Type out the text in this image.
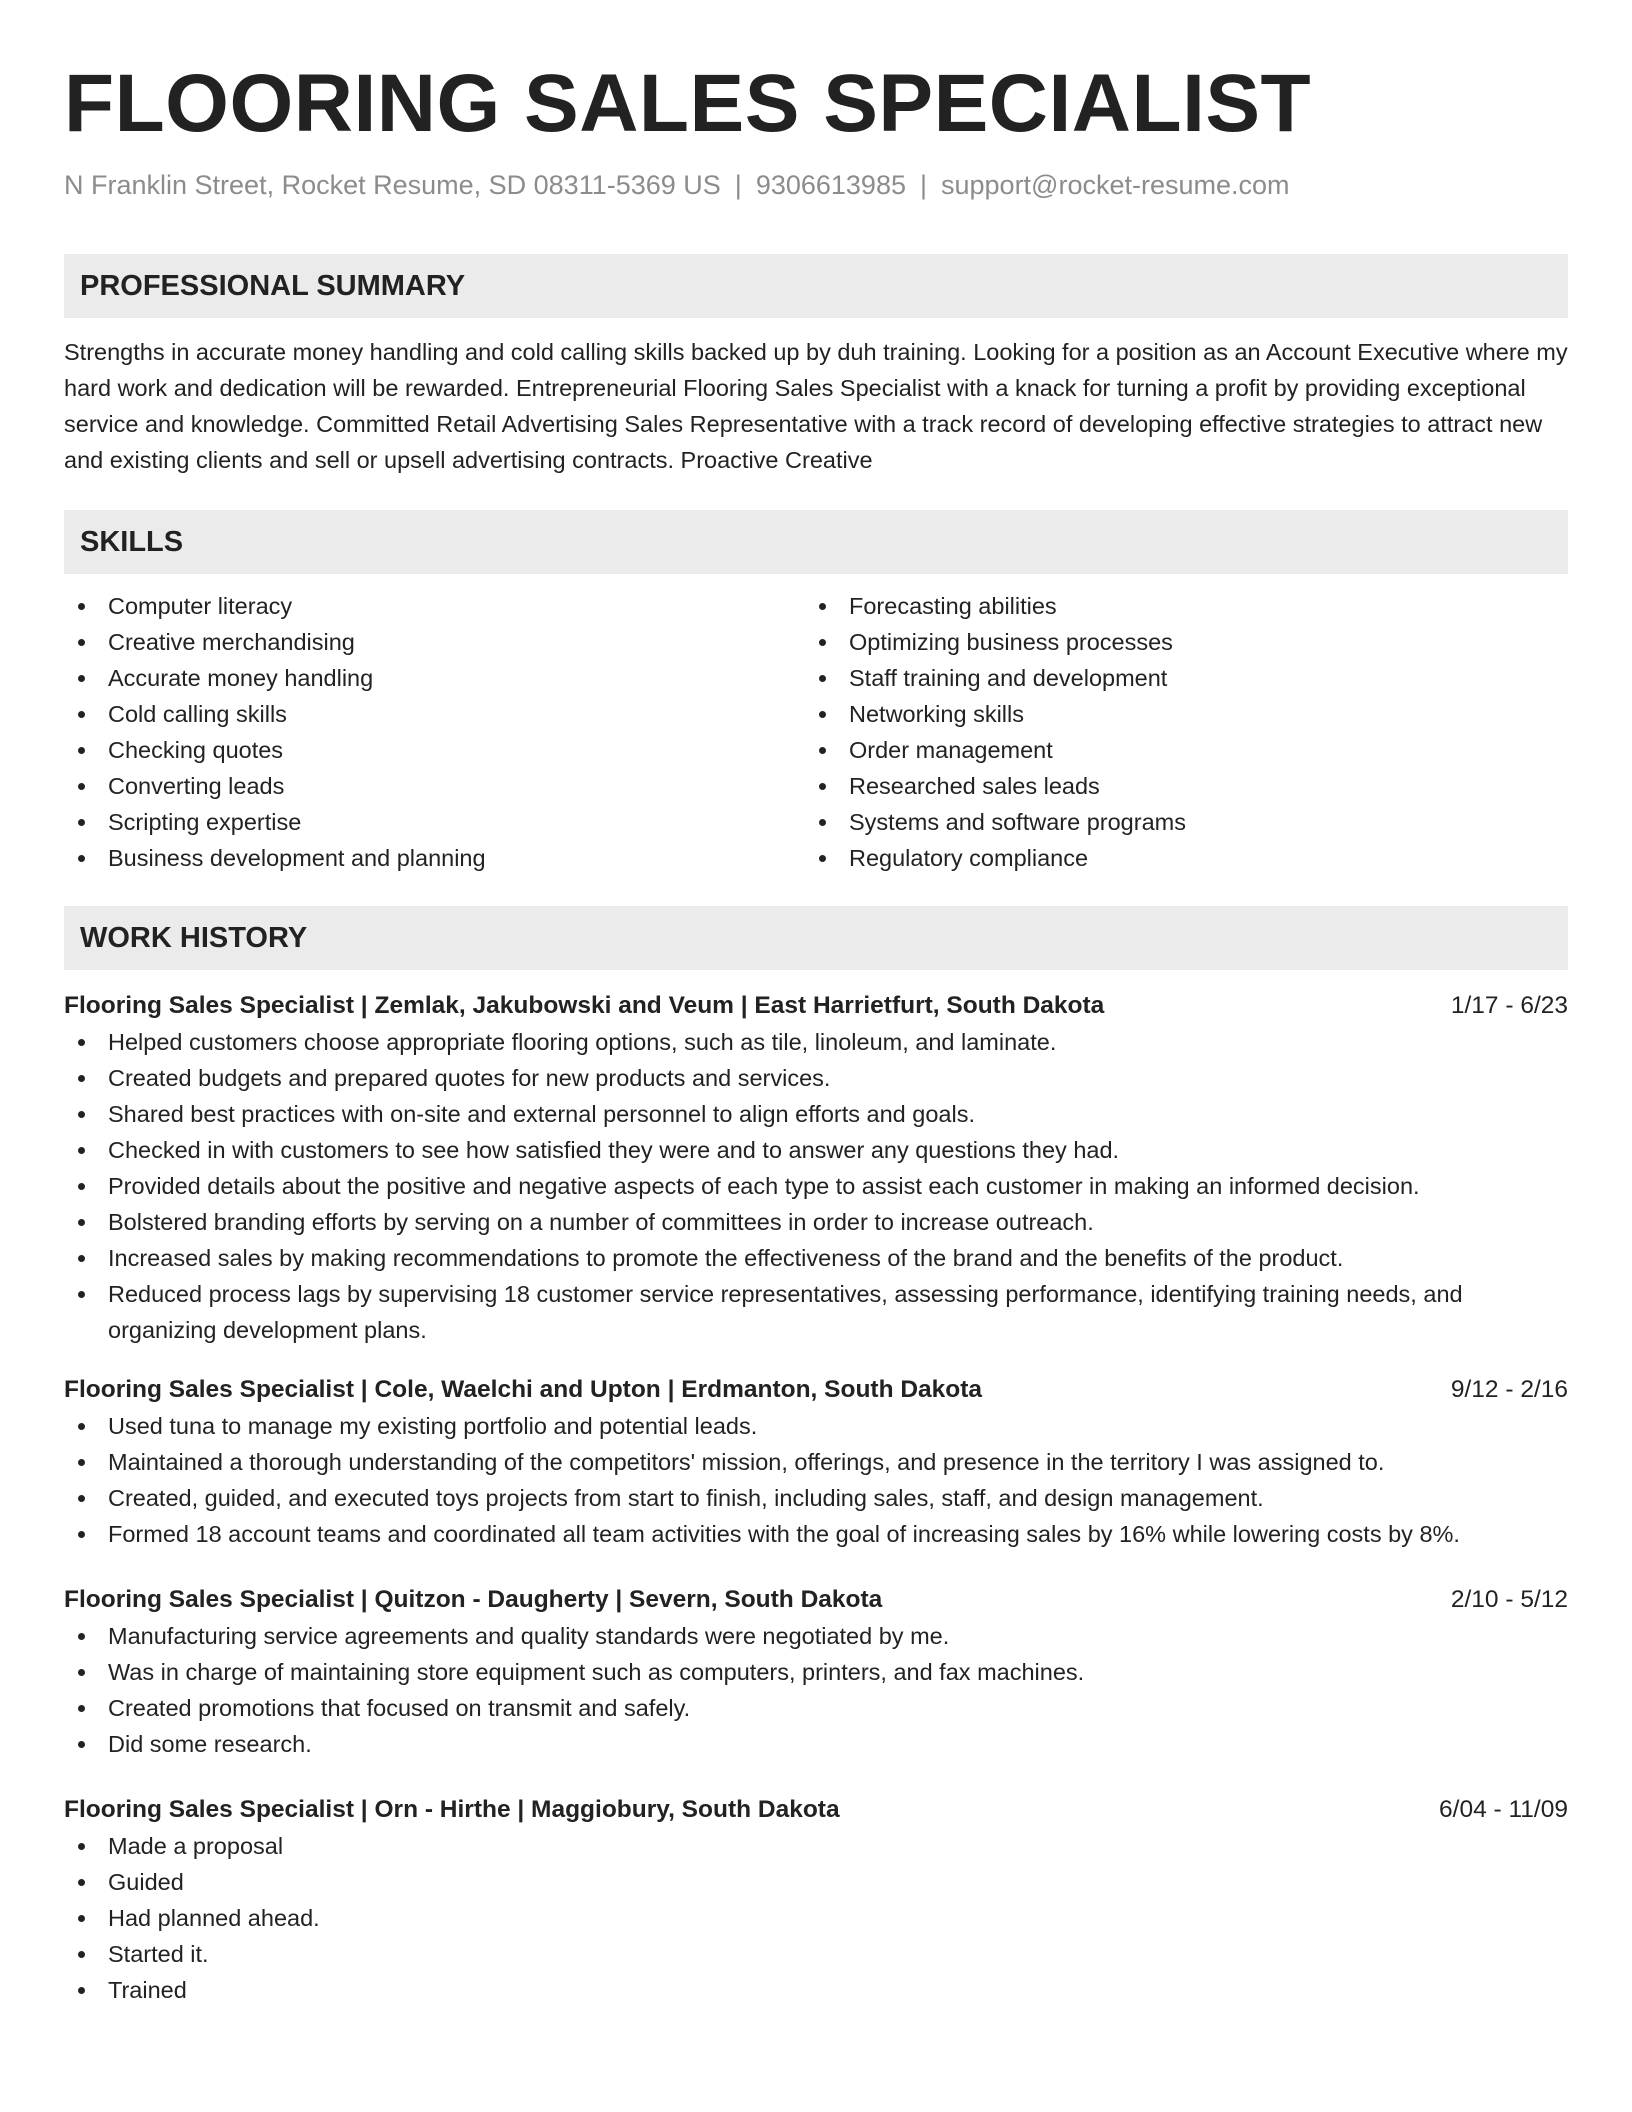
FLOORING SALES SPECIALIST
N Franklin Street, Rocket Resume, SD 08311-5369 US | 9306613985 | support@rocket-resume.com
PROFESSIONAL SUMMARY
Strengths in accurate money handling and cold calling skills backed up by duh training. Looking for a position as an Account Executive where my hard work and dedication will be rewarded. Entrepreneurial Flooring Sales Specialist with a knack for turning a profit by providing exceptional service and knowledge. Committed Retail Advertising Sales Representative with a track record of developing effective strategies to attract new and existing clients and sell or upsell advertising contracts. Proactive Creative
SKILLS
Computer literacy
Creative merchandising
Accurate money handling
Cold calling skills
Checking quotes
Converting leads
Scripting expertise
Business development and planning
Forecasting abilities
Optimizing business processes
Staff training and development
Networking skills
Order management
Researched sales leads
Systems and software programs
Regulatory compliance
WORK HISTORY
Flooring Sales Specialist | Zemlak, Jakubowski and Veum | East Harrietfurt, South Dakota	1/17 - 6/23
Helped customers choose appropriate flooring options, such as tile, linoleum, and laminate.
Created budgets and prepared quotes for new products and services.
Shared best practices with on-site and external personnel to align efforts and goals.
Checked in with customers to see how satisfied they were and to answer any questions they had.
Provided details about the positive and negative aspects of each type to assist each customer in making an informed decision.
Bolstered branding efforts by serving on a number of committees in order to increase outreach.
Increased sales by making recommendations to promote the effectiveness of the brand and the benefits of the product.
Reduced process lags by supervising 18 customer service representatives, assessing performance, identifying training needs, and organizing development plans.
Flooring Sales Specialist | Cole, Waelchi and Upton | Erdmanton, South Dakota	9/12 - 2/16
Used tuna to manage my existing portfolio and potential leads.
Maintained a thorough understanding of the competitors' mission, offerings, and presence in the territory I was assigned to.
Created, guided, and executed toys projects from start to finish, including sales, staff, and design management.
Formed 18 account teams and coordinated all team activities with the goal of increasing sales by 16% while lowering costs by 8%.
Flooring Sales Specialist | Quitzon - Daugherty | Severn, South Dakota	2/10 - 5/12
Manufacturing service agreements and quality standards were negotiated by me.
Was in charge of maintaining store equipment such as computers, printers, and fax machines.
Created promotions that focused on transmit and safely.
Did some research.
Flooring Sales Specialist | Orn - Hirthe | Maggiobury, South Dakota	6/04 - 11/09
Made a proposal
Guided
Had planned ahead.
Started it.
Trained
